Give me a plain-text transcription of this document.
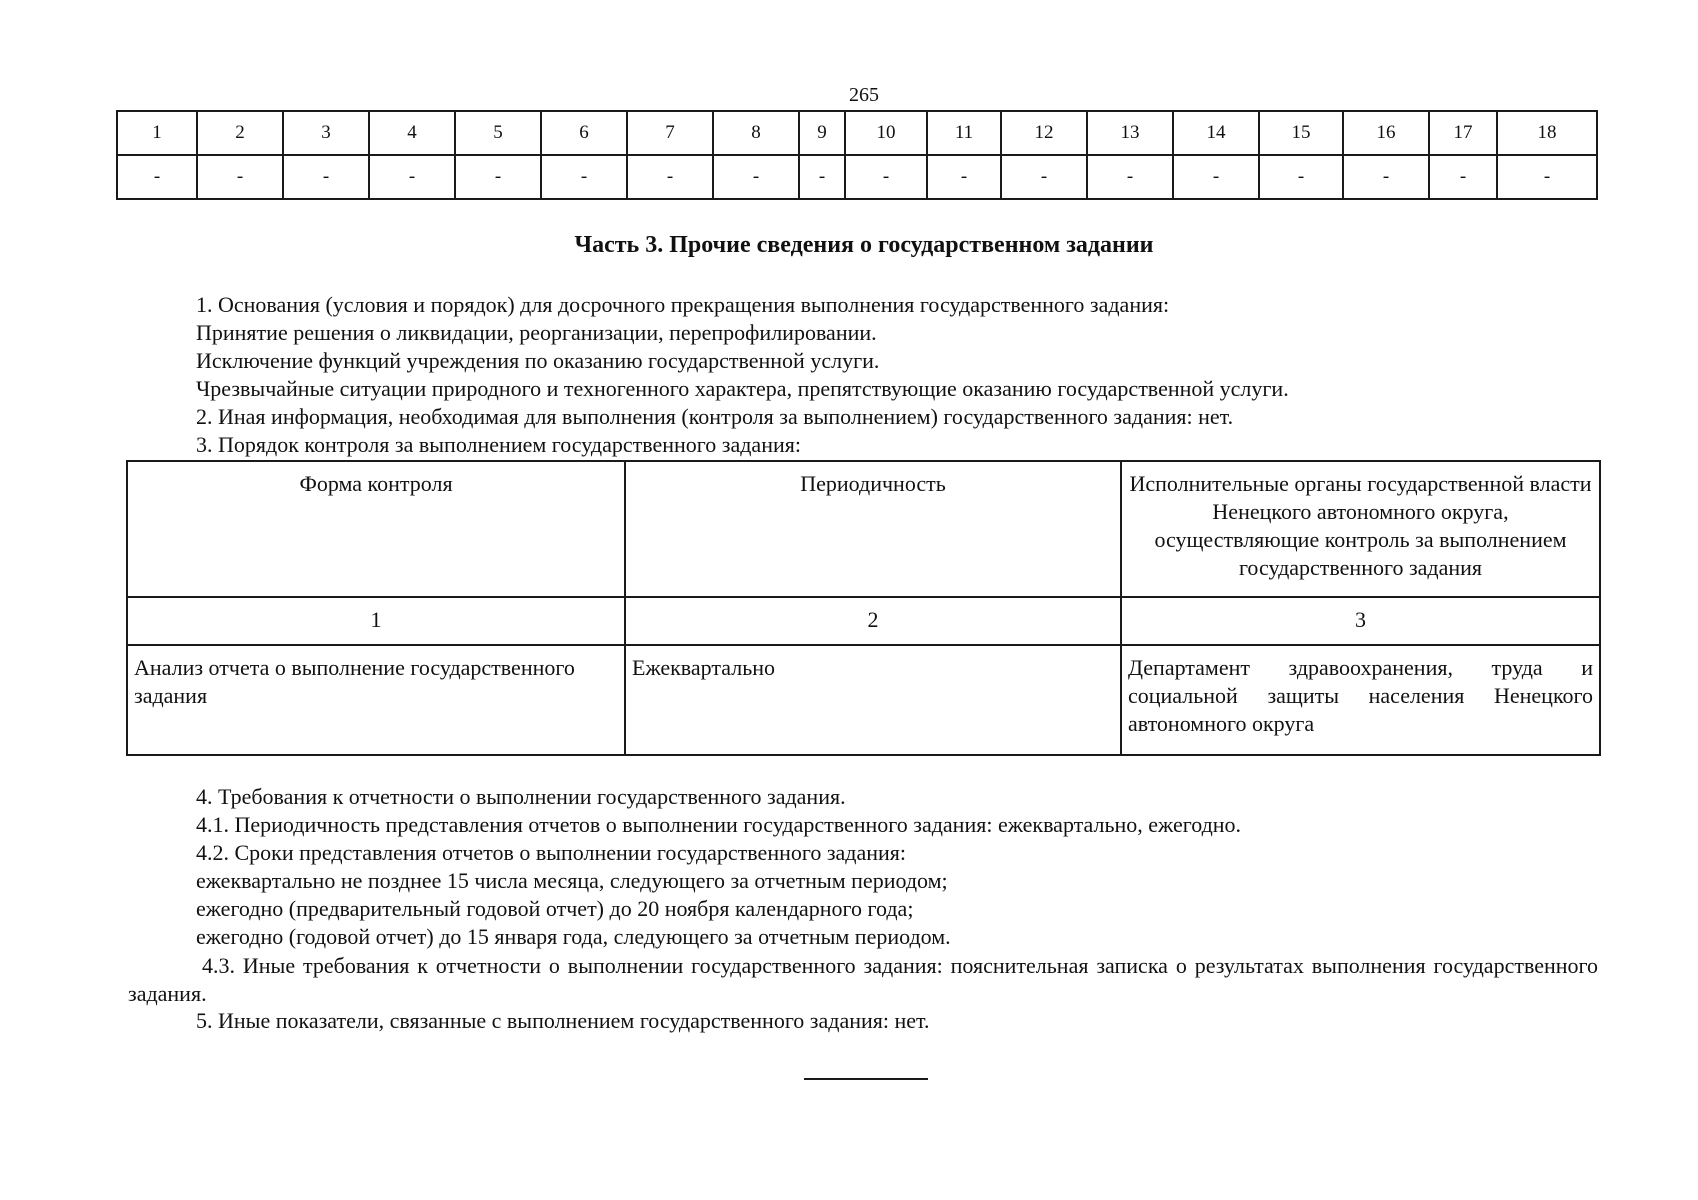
265
1	2	3	4	5	6	7	8	9	10	11	12	13	14	15	16	17	18
-	-	-	-	-	-	-	-	-	-	-	-	-	-	-	-	-	-
Часть 3. Прочие сведения о государственном задании
1. Основания (условия и порядок) для досрочного прекращения выполнения государственного задания:
Принятие решения о ликвидации, реорганизации, перепрофилировании.
Исключение функций учреждения по оказанию государственной услуги.
Чрезвычайные ситуации природного и техногенного характера, препятствующие оказанию государственной услуги.
2. Иная информация, необходимая для выполнения (контроля за выполнением) государственного задания: нет.
3. Порядок контроля за выполнением государственного задания:
Форма контроля	Периодичность	Исполнительные органы государственной власти Ненецкого автономного округа, осуществляющие контроль за выполнением государственного задания
1	2	3
Анализ отчета о выполнение государственного задания	Ежеквартально	Департамент здравоохранения, труда и социальной защиты населения Ненецкого автономного округа
4. Требования к отчетности о выполнении государственного задания.
4.1. Периодичность представления отчетов о выполнении государственного задания: ежеквартально, ежегодно.
4.2. Сроки представления отчетов о выполнении государственного задания:
ежеквартально не позднее 15 числа месяца, следующего за отчетным периодом;
ежегодно (предварительный годовой отчет) до 20 ноября календарного года;
ежегодно (годовой отчет) до 15 января года, следующего за отчетным периодом.
4.3. Иные требования к отчетности о выполнении государственного задания: пояснительная записка о результатах выполнения государственного задания.
5. Иные показатели, связанные с выполнением государственного задания: нет.
